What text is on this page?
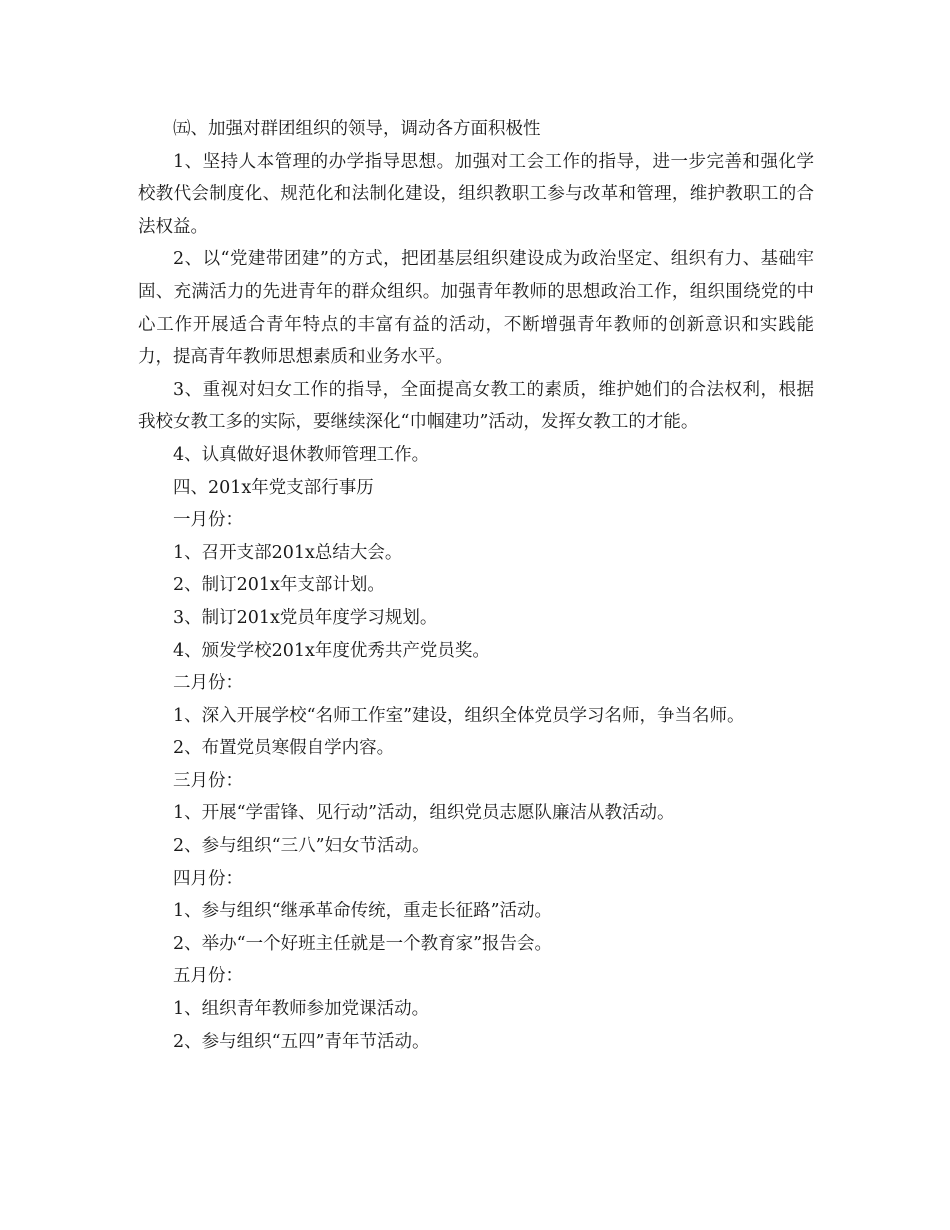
㈤、加强对群团组织的领导，调动各方面积极性

1、坚持人本管理的办学指导思想。加强对工会工作的指导，进一步完善和强化学校教代会制度化、规范化和法制化建设，组织教职工参与改革和管理，维护教职工的合法权益。

2、以“党建带团建”的方式，把团基层组织建设成为政治坚定、组织有力、基础牢固、充满活力的先进青年的群众组织。加强青年教师的思想政治工作，组织围绕党的中心工作开展适合青年特点的丰富有益的活动，不断增强青年教师的创新意识和实践能力，提高青年教师思想素质和业务水平。

3、重视对妇女工作的指导，全面提高女教工的素质，维护她们的合法权利，根据我校女教工多的实际，要继续深化“巾帼建功”活动，发挥女教工的才能。

4、认真做好退休教师管理工作。

四、201x年党支部行事历

一月份：

1、召开支部201x总结大会。

2、制订201x年支部计划。

3、制订201x党员年度学习规划。

4、颁发学校201x年度优秀共产党员奖。

二月份：

1、深入开展学校“名师工作室”建设，组织全体党员学习名师，争当名师。

2、布置党员寒假自学内容。

三月份：

1、开展“学雷锋、见行动”活动，组织党员志愿队廉洁从教活动。

2、参与组织“三八”妇女节活动。

四月份：

1、参与组织“继承革命传统，重走长征路”活动。

2、举办“一个好班主任就是一个教育家”报告会。

五月份：

1、组织青年教师参加党课活动。

2、参与组织“五四”青年节活动。
